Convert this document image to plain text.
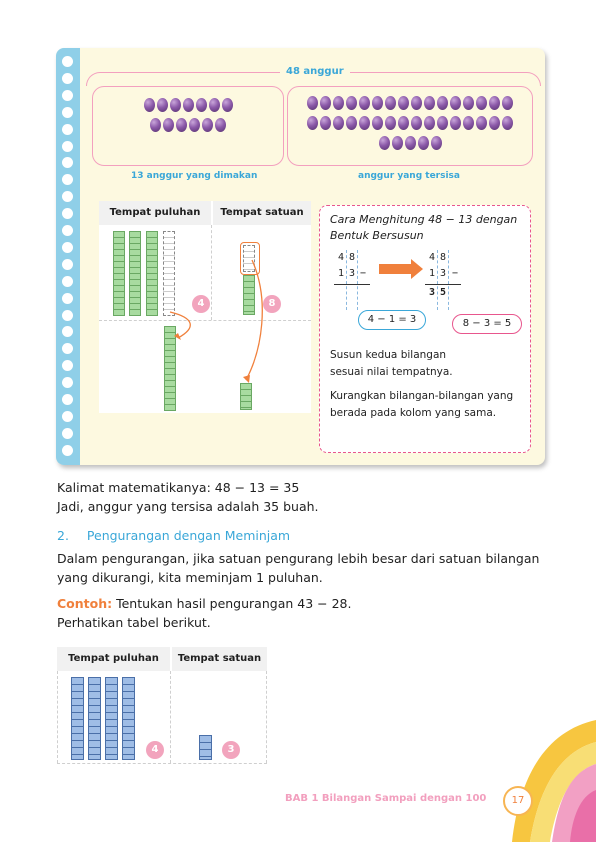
48 anggur
13 anggur yang dimakan	anggur yang tersisa
Tempat puluhan	Tempat satuan
4	8
Cara Menghitung 48 − 13 dengan Bentuk Bersusun
4 8
1 3 −
4 8
1 3 −
3 5
4 − 1 = 3	8 − 3 = 5
Susun kedua bilangan sesuai nilai tempatnya.
Kurangkan bilangan-bilangan yang berada pada kolom yang sama.
Kalimat matematikanya: 48 − 13 = 35
Jadi, anggur yang tersisa adalah 35 buah.
2. Pengurangan dengan Meminjam
Dalam pengurangan, jika satuan pengurang lebih besar dari satuan bilangan
yang dikurangi, kita meminjam 1 puluhan.
Contoh: Tentukan hasil pengurangan 43 − 28.
Perhatikan tabel berikut.
Tempat puluhan	Tempat satuan
4	3
BAB 1 Bilangan Sampai dengan 100	17
